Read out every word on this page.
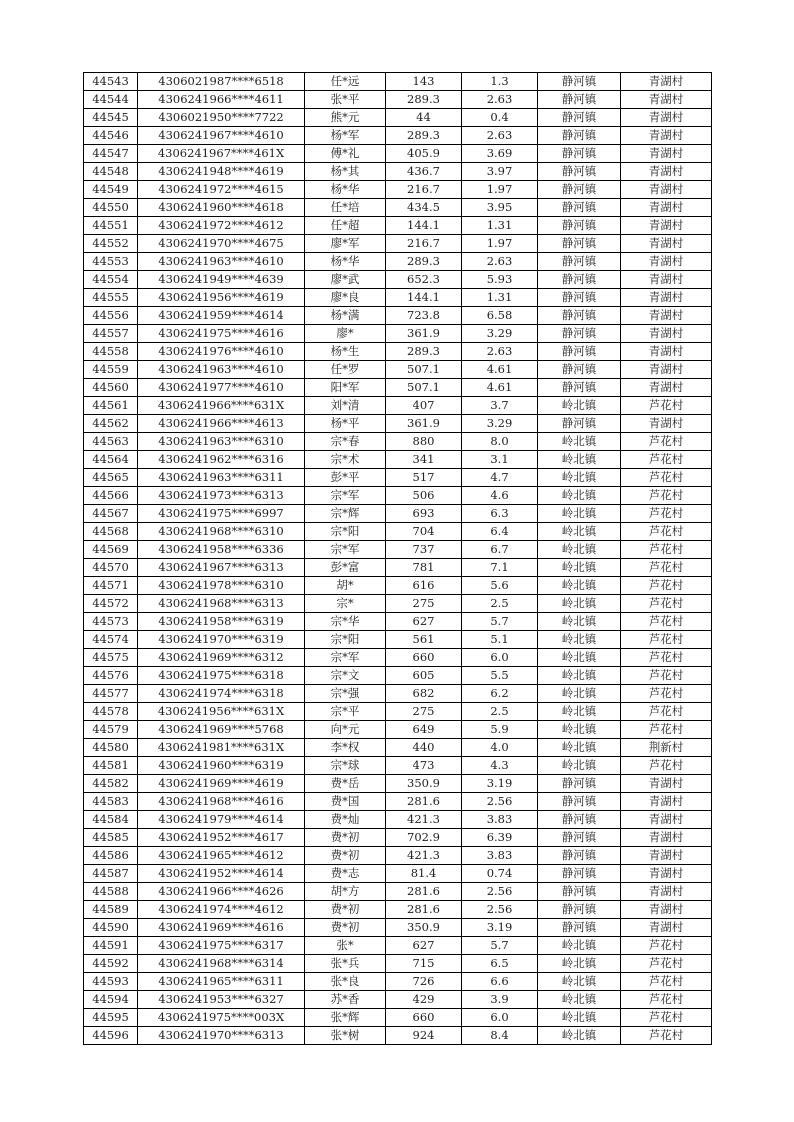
44543	4306021987****6518	任*远	143	1.3	静河镇	青湖村
44544	4306241966****4611	张*平	289.3	2.63	静河镇	青湖村
44545	4306021950****7722	熊*元	44	0.4	静河镇	青湖村
44546	4306241967****4610	杨*军	289.3	2.63	静河镇	青湖村
44547	4306241967****461X	傅*礼	405.9	3.69	静河镇	青湖村
44548	4306241948****4619	杨*其	436.7	3.97	静河镇	青湖村
44549	4306241972****4615	杨*华	216.7	1.97	静河镇	青湖村
44550	4306241960****4618	任*培	434.5	3.95	静河镇	青湖村
44551	4306241972****4612	任*超	144.1	1.31	静河镇	青湖村
44552	4306241970****4675	廖*军	216.7	1.97	静河镇	青湖村
44553	4306241963****4610	杨*华	289.3	2.63	静河镇	青湖村
44554	4306241949****4639	廖*武	652.3	5.93	静河镇	青湖村
44555	4306241956****4619	廖*良	144.1	1.31	静河镇	青湖村
44556	4306241959****4614	杨*满	723.8	6.58	静河镇	青湖村
44557	4306241975****4616	廖*	361.9	3.29	静河镇	青湖村
44558	4306241976****4610	杨*生	289.3	2.63	静河镇	青湖村
44559	4306241963****4610	任*罗	507.1	4.61	静河镇	青湖村
44560	4306241977****4610	阳*军	507.1	4.61	静河镇	青湖村
44561	4306241966****631X	刘*清	407	3.7	岭北镇	芦花村
44562	4306241966****4613	杨*平	361.9	3.29	静河镇	青湖村
44563	4306241963****6310	宗*春	880	8.0	岭北镇	芦花村
44564	4306241962****6316	宗*术	341	3.1	岭北镇	芦花村
44565	4306241963****6311	彭*平	517	4.7	岭北镇	芦花村
44566	4306241973****6313	宗*军	506	4.6	岭北镇	芦花村
44567	4306241975****6997	宗*辉	693	6.3	岭北镇	芦花村
44568	4306241968****6310	宗*阳	704	6.4	岭北镇	芦花村
44569	4306241958****6336	宗*军	737	6.7	岭北镇	芦花村
44570	4306241967****6313	彭*富	781	7.1	岭北镇	芦花村
44571	4306241978****6310	胡*	616	5.6	岭北镇	芦花村
44572	4306241968****6313	宗*	275	2.5	岭北镇	芦花村
44573	4306241958****6319	宗*华	627	5.7	岭北镇	芦花村
44574	4306241970****6319	宗*阳	561	5.1	岭北镇	芦花村
44575	4306241969****6312	宗*军	660	6.0	岭北镇	芦花村
44576	4306241975****6318	宗*文	605	5.5	岭北镇	芦花村
44577	4306241974****6318	宗*强	682	6.2	岭北镇	芦花村
44578	4306241956****631X	宗*平	275	2.5	岭北镇	芦花村
44579	4306241969****5768	向*元	649	5.9	岭北镇	芦花村
44580	4306241981****631X	李*权	440	4.0	岭北镇	荆新村
44581	4306241960****6319	宗*球	473	4.3	岭北镇	芦花村
44582	4306241969****4619	费*岳	350.9	3.19	静河镇	青湖村
44583	4306241968****4616	费*国	281.6	2.56	静河镇	青湖村
44584	4306241979****4614	费*灿	421.3	3.83	静河镇	青湖村
44585	4306241952****4617	费*初	702.9	6.39	静河镇	青湖村
44586	4306241965****4612	费*初	421.3	3.83	静河镇	青湖村
44587	4306241952****4614	费*志	81.4	0.74	静河镇	青湖村
44588	4306241966****4626	胡*方	281.6	2.56	静河镇	青湖村
44589	4306241974****4612	费*初	281.6	2.56	静河镇	青湖村
44590	4306241969****4616	费*初	350.9	3.19	静河镇	青湖村
44591	4306241975****6317	张*	627	5.7	岭北镇	芦花村
44592	4306241968****6314	张*兵	715	6.5	岭北镇	芦花村
44593	4306241965****6311	张*良	726	6.6	岭北镇	芦花村
44594	4306241953****6327	苏*香	429	3.9	岭北镇	芦花村
44595	4306241975****003X	张*辉	660	6.0	岭北镇	芦花村
44596	4306241970****6313	张*树	924	8.4	岭北镇	芦花村
